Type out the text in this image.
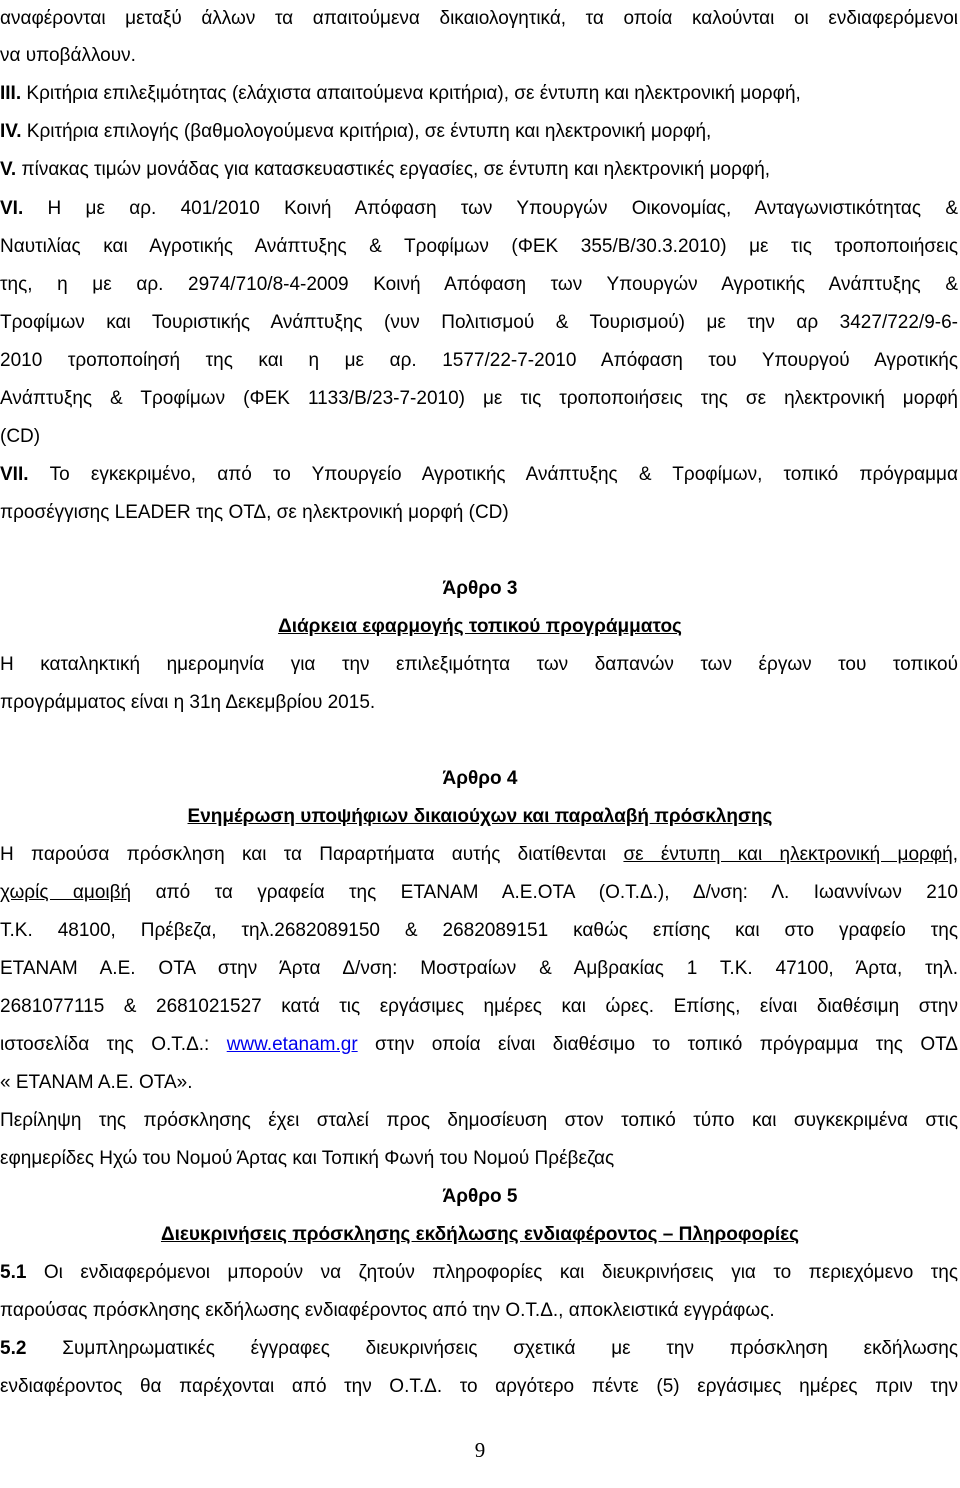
αναφέρονται μεταξύ άλλων τα απαιτούμενα δικαιολογητικά, τα οποία καλούνται οι ενδιαφερόμενοι
να υποβάλλουν.
ΙΙΙ. Κριτήρια επιλεξιμότητας (ελάχιστα απαιτούμενα κριτήρια), σε έντυπη και ηλεκτρονική μορφή,
ΙV. Κριτήρια επιλογής (βαθμολογούμενα κριτήρια), σε έντυπη και ηλεκτρονική μορφή,
V. πίνακας τιμών μονάδας για κατασκευαστικές εργασίες, σε έντυπη και ηλεκτρονική μορφή,
VI. Η με αρ. 401/2010 Κοινή Απόφαση των Υπουργών Οικονομίας, Ανταγωνιστικότητας &
Ναυτιλίας και Αγροτικής Ανάπτυξης & Τροφίμων (ΦΕΚ 355/Β/30.3.2010) με τις τροποποιήσεις
της, η με αρ. 2974/710/8-4-2009 Κοινή Απόφαση των Υπουργών Αγροτικής Ανάπτυξης &
Τροφίμων και Τουριστικής Ανάπτυξης (νυν Πολιτισμού & Τουρισμού) με την αρ 3427/722/9-6-
2010 τροποποίησή της και η με αρ. 1577/22-7-2010 Απόφαση του Υπουργού Αγροτικής
Ανάπτυξης & Τροφίμων (ΦΕΚ 1133/Β/23-7-2010) με τις τροποποιήσεις της σε ηλεκτρονική μορφή
(CD)
VII. Το εγκεκριμένο, από το Υπουργείο Αγροτικής Ανάπτυξης & Τροφίμων, τοπικό πρόγραμμα
προσέγγισης LEADER της ΟΤΔ, σε ηλεκτρονική μορφή (CD)
Άρθρο 3
Διάρκεια εφαρμογής τοπικού προγράμματος
Η καταληκτική ημερομηνία για την επιλεξιμότητα των δαπανών των έργων του τοπικού
προγράμματος είναι η 31η Δεκεμβρίου 2015.
Άρθρο 4
Ενημέρωση υποψήφιων δικαιούχων και παραλαβή πρόσκλησης
Η παρούσα πρόσκληση και τα Παραρτήματα αυτής διατίθενται σε έντυπη και ηλεκτρονική μορφή,
χωρίς αμοιβή από τα γραφεία της ΕΤΑΝΑΜ Α.Ε.ΟΤΑ (Ο.Τ.Δ.), Δ/νση: Λ. Ιωαννίνων 210
Τ.Κ. 48100, Πρέβεζα, τηλ.2682089150 & 2682089151 καθώς επίσης και στο γραφείο της
ΕΤΑΝΑΜ Α.Ε. ΟΤΑ στην Άρτα Δ/νση: Μοστραίων & Αμβρακίας 1 Τ.Κ. 47100, Άρτα, τηλ.
2681077115 & 2681021527 κατά τις εργάσιμες ημέρες και ώρες. Επίσης, είναι διαθέσιμη στην
ιστοσελίδα της Ο.Τ.Δ.: www.etanam.gr στην οποία είναι διαθέσιμο το τοπικό πρόγραμμα της ΟΤΔ
« ΕΤΑΝΑΜ Α.Ε. ΟΤΑ».
Περίληψη της πρόσκλησης έχει σταλεί προς δημοσίευση στον τοπικό τύπο και συγκεκριμένα στις
εφημερίδες Ηχώ του Νομού Άρτας και Τοπική Φωνή του Νομού Πρέβεζας
Άρθρο 5
Διευκρινήσεις πρόσκλησης εκδήλωσης ενδιαφέροντος – Πληροφορίες
5.1 Οι ενδιαφερόμενοι μπορούν να ζητούν πληροφορίες και διευκρινήσεις για το περιεχόμενο της
παρούσας πρόσκλησης εκδήλωσης ενδιαφέροντος από την Ο.Τ.Δ., αποκλειστικά εγγράφως.
5.2 Συμπληρωματικές έγγραφες διευκρινήσεις σχετικά με την πρόσκληση εκδήλωσης
ενδιαφέροντος θα παρέχονται από την Ο.Τ.Δ. το αργότερο πέντε (5) εργάσιμες ημέρες πριν την
9
